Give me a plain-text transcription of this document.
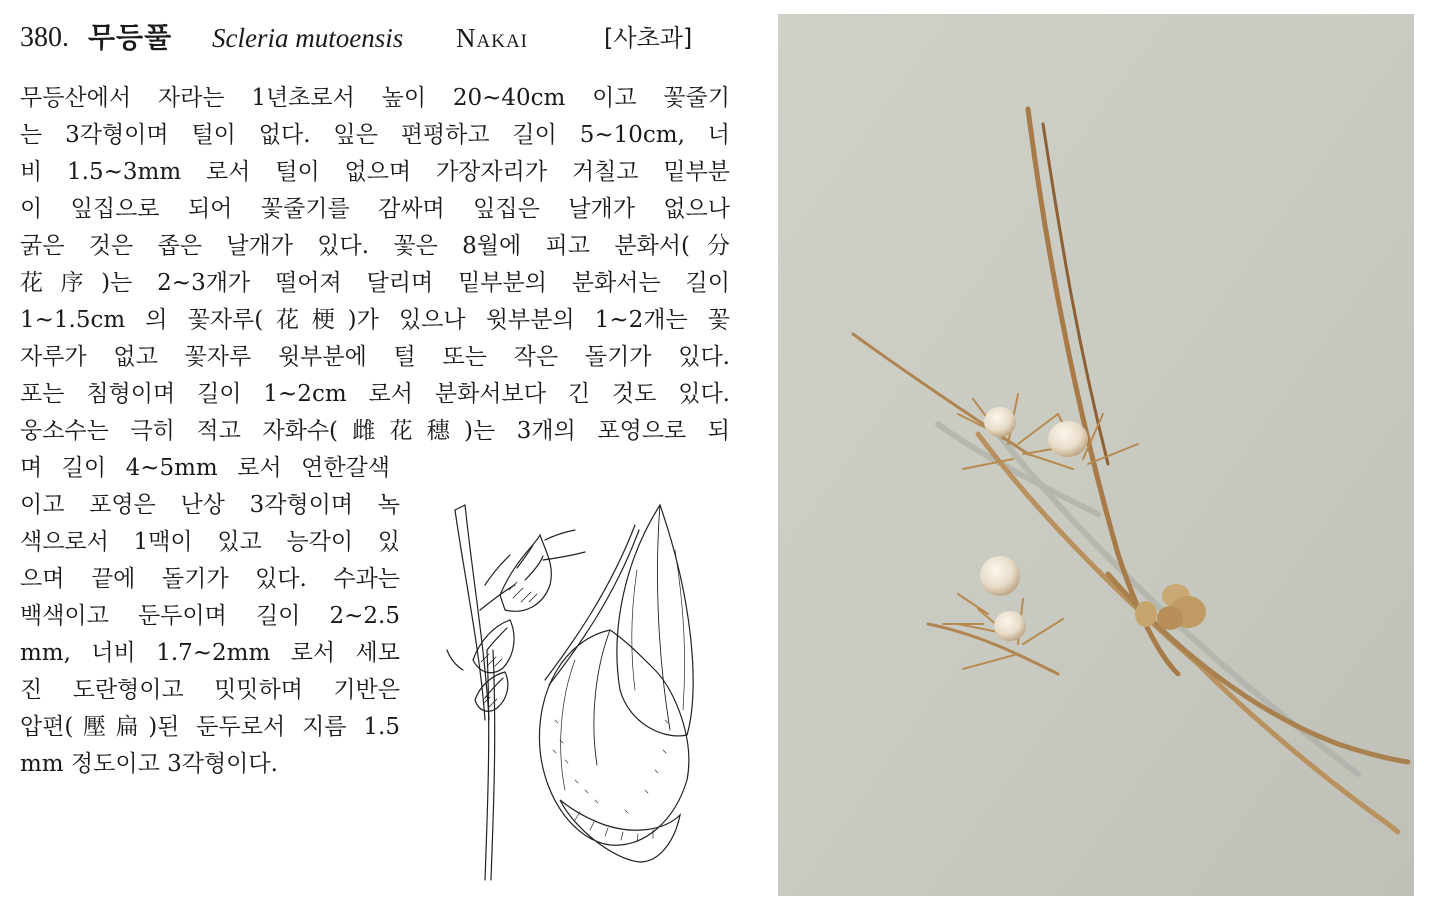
380. 무등풀 Scleria mutoensis Nakai	[사초과]
무등산에서 자라는 1년초로서 높이 20~40cm 이고 꽃줄기
는 3각형이며 털이 없다. 잎은 편평하고 길이 5~10cm, 너
비 1.5~3mm 로서 털이 없으며 가장자리가 거칠고 밑부분
이 잎집으로 되어 꽃줄기를 감싸며 잎집은 날개가 없으나
굵은 것은 좁은 날개가 있다. 꽃은 8월에 피고 분화서(分
花序)는 2~3개가 떨어져 달리며 밑부분의 분화서는 길이
1~1.5cm 의 꽃자루(花梗)가 있으나 윗부분의 1~2개는 꽃
자루가 없고 꽃자루 윗부분에 털 또는 작은 돌기가 있다.
포는 침형이며 길이 1~2cm 로서 분화서보다 긴 것도 있다.
웅소수는 극히 적고 자화수(雌花穗)는 3개의 포영으로 되
며 길이 4~5mm 로서 연한갈색
이고 포영은 난상 3각형이며 녹
색으로서 1맥이 있고 능각이 있
으며 끝에 돌기가 있다. 수과는
백색이고 둔두이며 길이 2~2.5
mm, 너비 1.7~2mm 로서 세모
진 도란형이고 밋밋하며 기반은
압편(壓扁)된 둔두로서 지름 1.5
mm 정도이고 3각형이다.
